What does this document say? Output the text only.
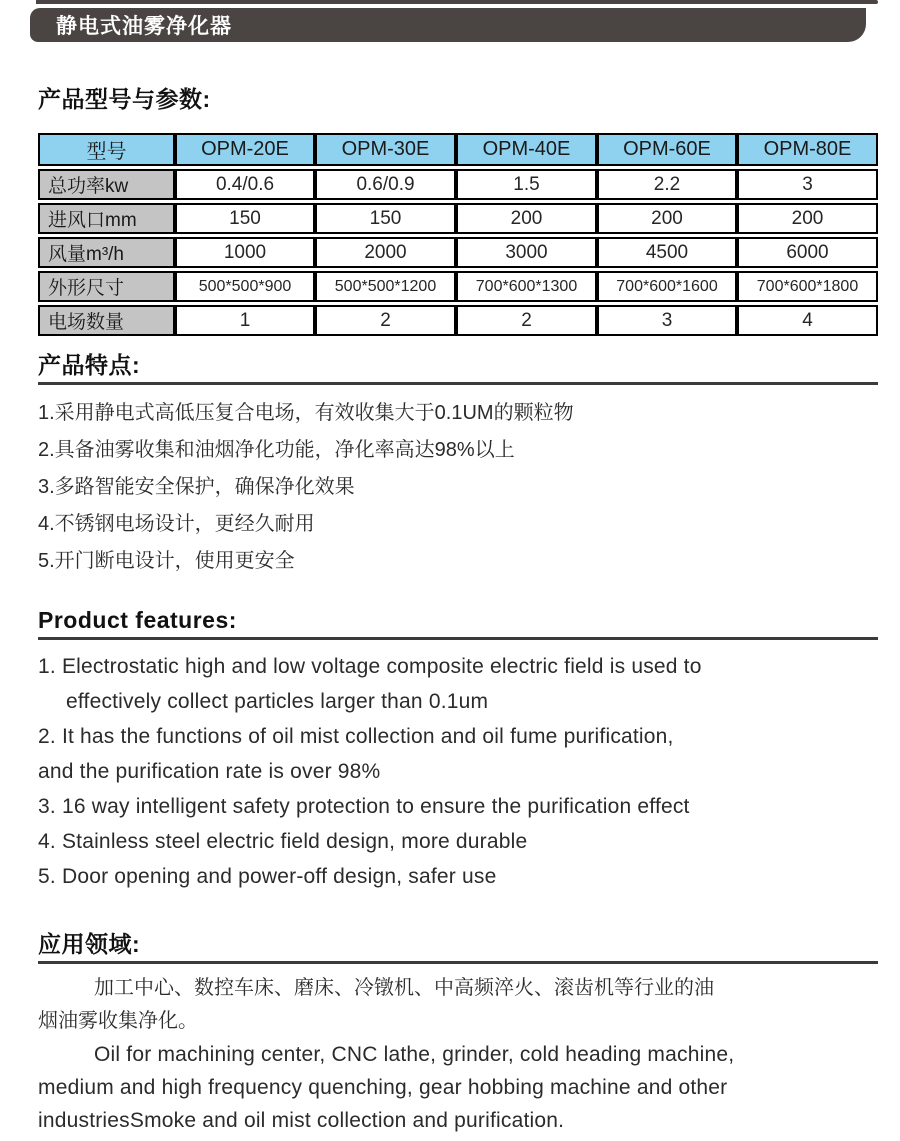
静电式油雾净化器
产品型号与参数:
型号	OPM-20E	OPM-30E	OPM-40E	OPM-60E	OPM-80E
总功率kw	0.4/0.6	0.6/0.9	1.5	2.2	3
进风口mm	150	150	200	200	200
风量m³/h	1000	2000	3000	4500	6000
外形尺寸	500*500*900	500*500*1200	700*600*1300	700*600*1600	700*600*1800
电场数量	1	2	2	3	4
产品特点:
1.采用静电式高低压复合电场，有效收集大于0.1UM的颗粒物
2.具备油雾收集和油烟净化功能，净化率高达98%以上
3.多路智能安全保护，确保净化效果
4.不锈钢电场设计，更经久耐用
5.开门断电设计，使用更安全
Product features:
1. Electrostatic high and low voltage composite electric field is used to
effectively collect particles larger than 0.1um
2. It has the functions of oil mist collection and oil fume purification,
and the purification rate is over 98%
3. 16 way intelligent safety protection to ensure the purification effect
4. Stainless steel electric field design, more durable
5. Door opening and power-off design, safer use
应用领域:
加工中心、数控车床、磨床、冷镦机、中高频淬火、滚齿机等行业的油
烟油雾收集净化。
Oil for machining center, CNC lathe, grinder, cold heading machine,
medium and high frequency quenching, gear hobbing machine and other
industriesSmoke and oil mist collection and purification.
